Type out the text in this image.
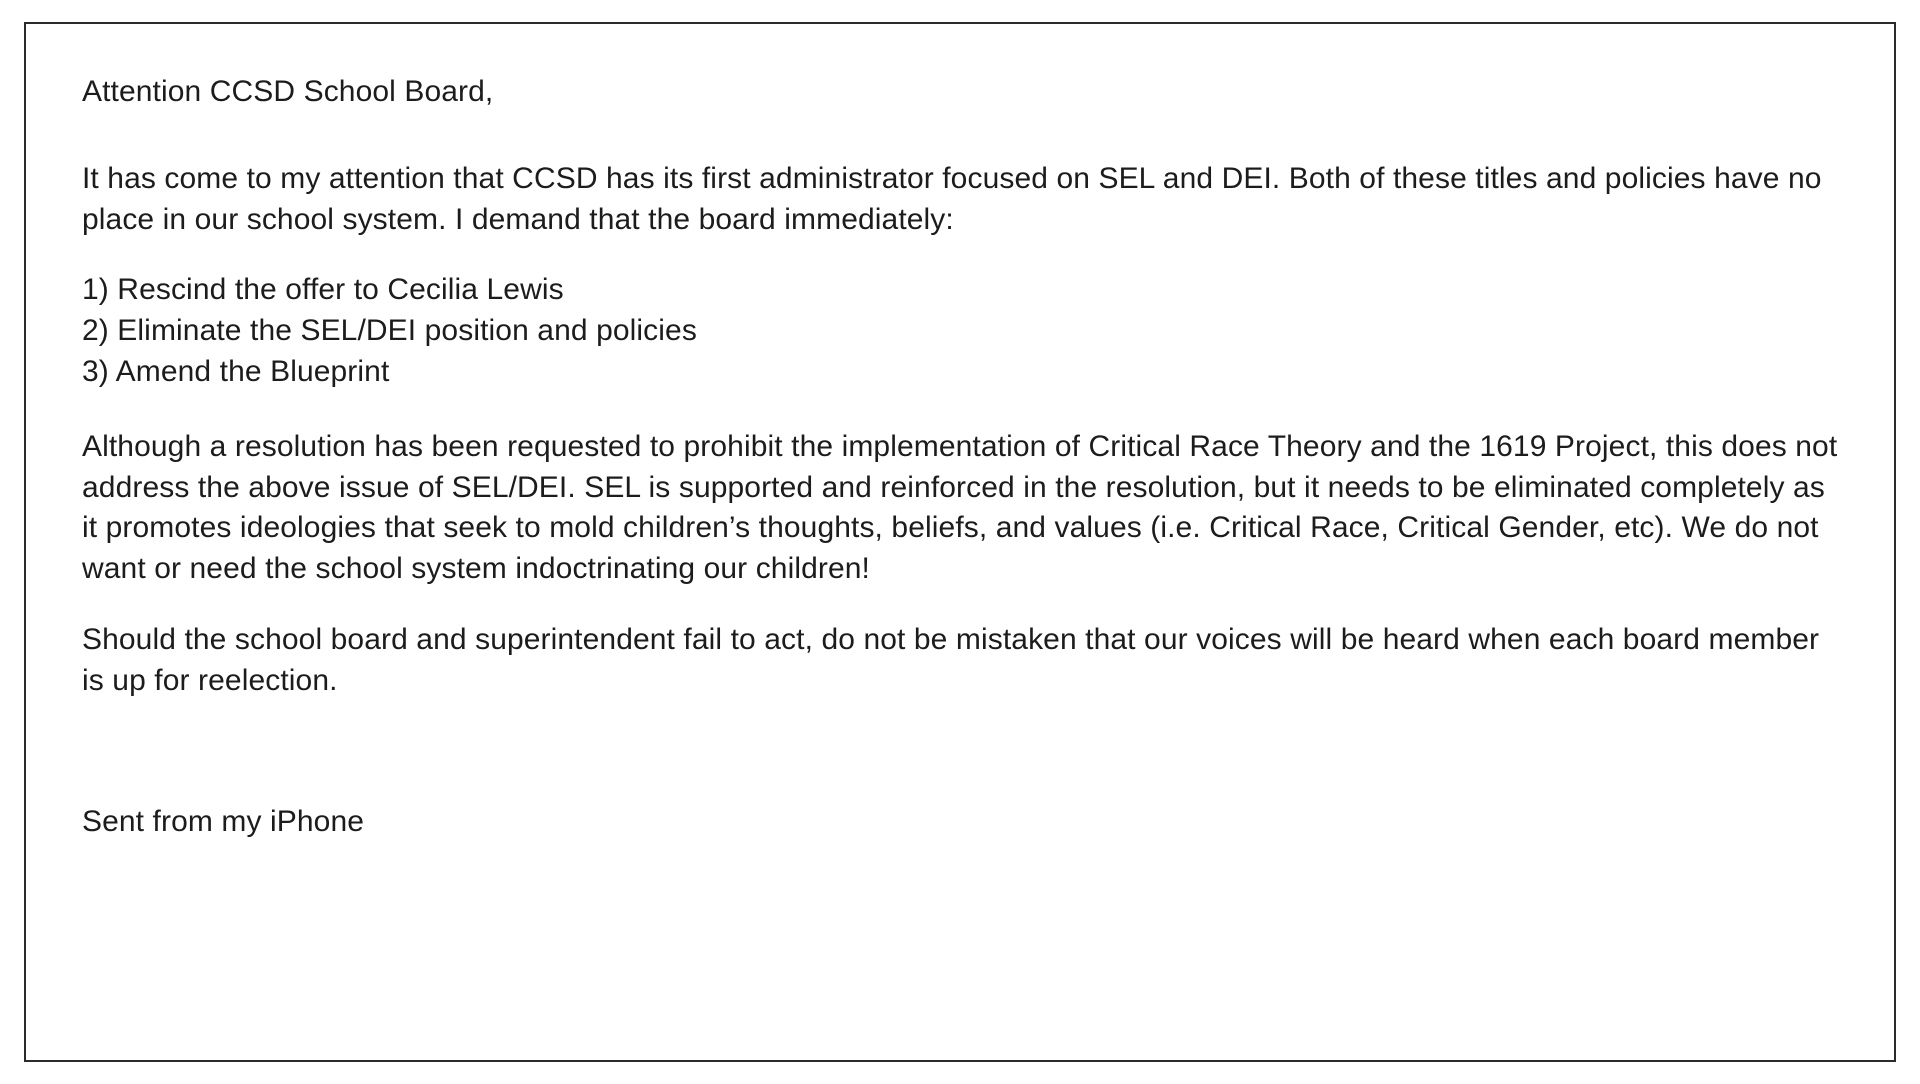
Attention CCSD School Board,

It has come to my attention that CCSD has its first administrator focused on SEL and DEI. Both of these titles and policies have no place in our school system. I demand that the board immediately:

1) Rescind the offer to Cecilia Lewis
2) Eliminate the SEL/DEI position and policies
3) Amend the Blueprint

Although a resolution has been requested to prohibit the implementation of Critical Race Theory and the 1619 Project, this does not address the above issue of SEL/DEI. SEL is supported and reinforced in the resolution, but it needs to be eliminated completely as it promotes ideologies that seek to mold children’s thoughts, beliefs, and values (i.e. Critical Race, Critical Gender, etc). We do not want or need the school system indoctrinating our children!

Should the school board and superintendent fail to act, do not be mistaken that our voices will be heard when each board member is up for reelection.

Sent from my iPhone
